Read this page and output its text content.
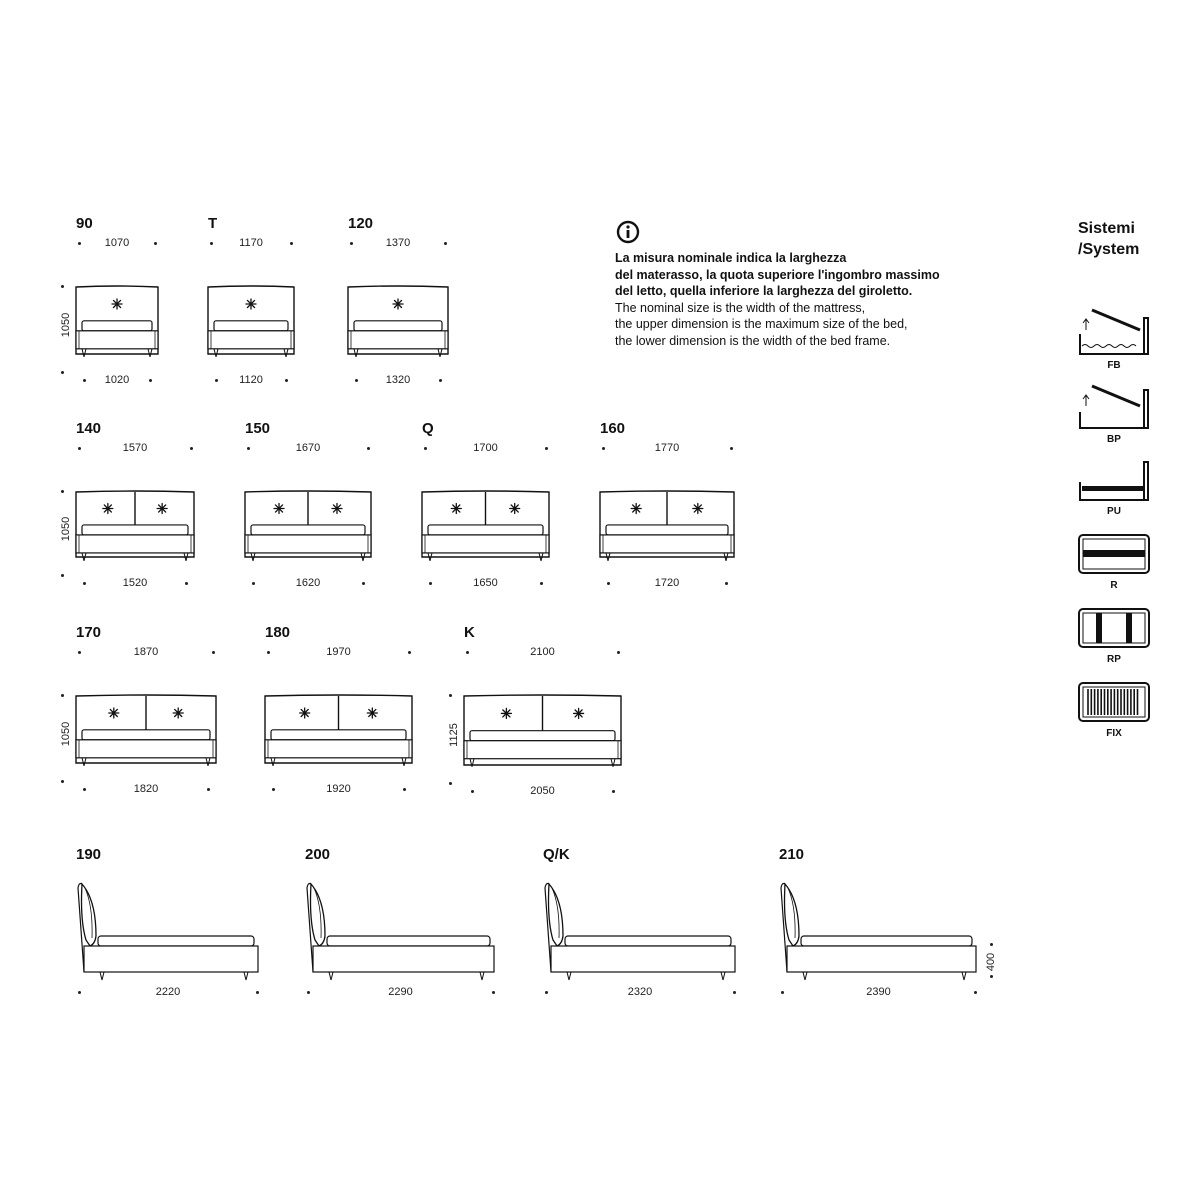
La misura nominale indica la larghezza
del materasso, la quota superiore l'ingombro massimo
del letto, quella inferiore la larghezza del giroletto.
The nominal size is the width of the mattress,
the upper dimension is the maximum size of the bed,
the lower dimension is the width of the bed frame.
Sistemi
/System
FB
BP
PU
R
RP
FIX
90
1070
1050
1020
T
1170
1120
120
1370
1320
140
1570
1050
1520
150
1670
1620
Q
1700
1650
160
1770
1720
170
1870
1050
1820
180
1970
1920
K
2100
1125
2050
190
2220
200
2290
Q/K
2320
210
2390
400
